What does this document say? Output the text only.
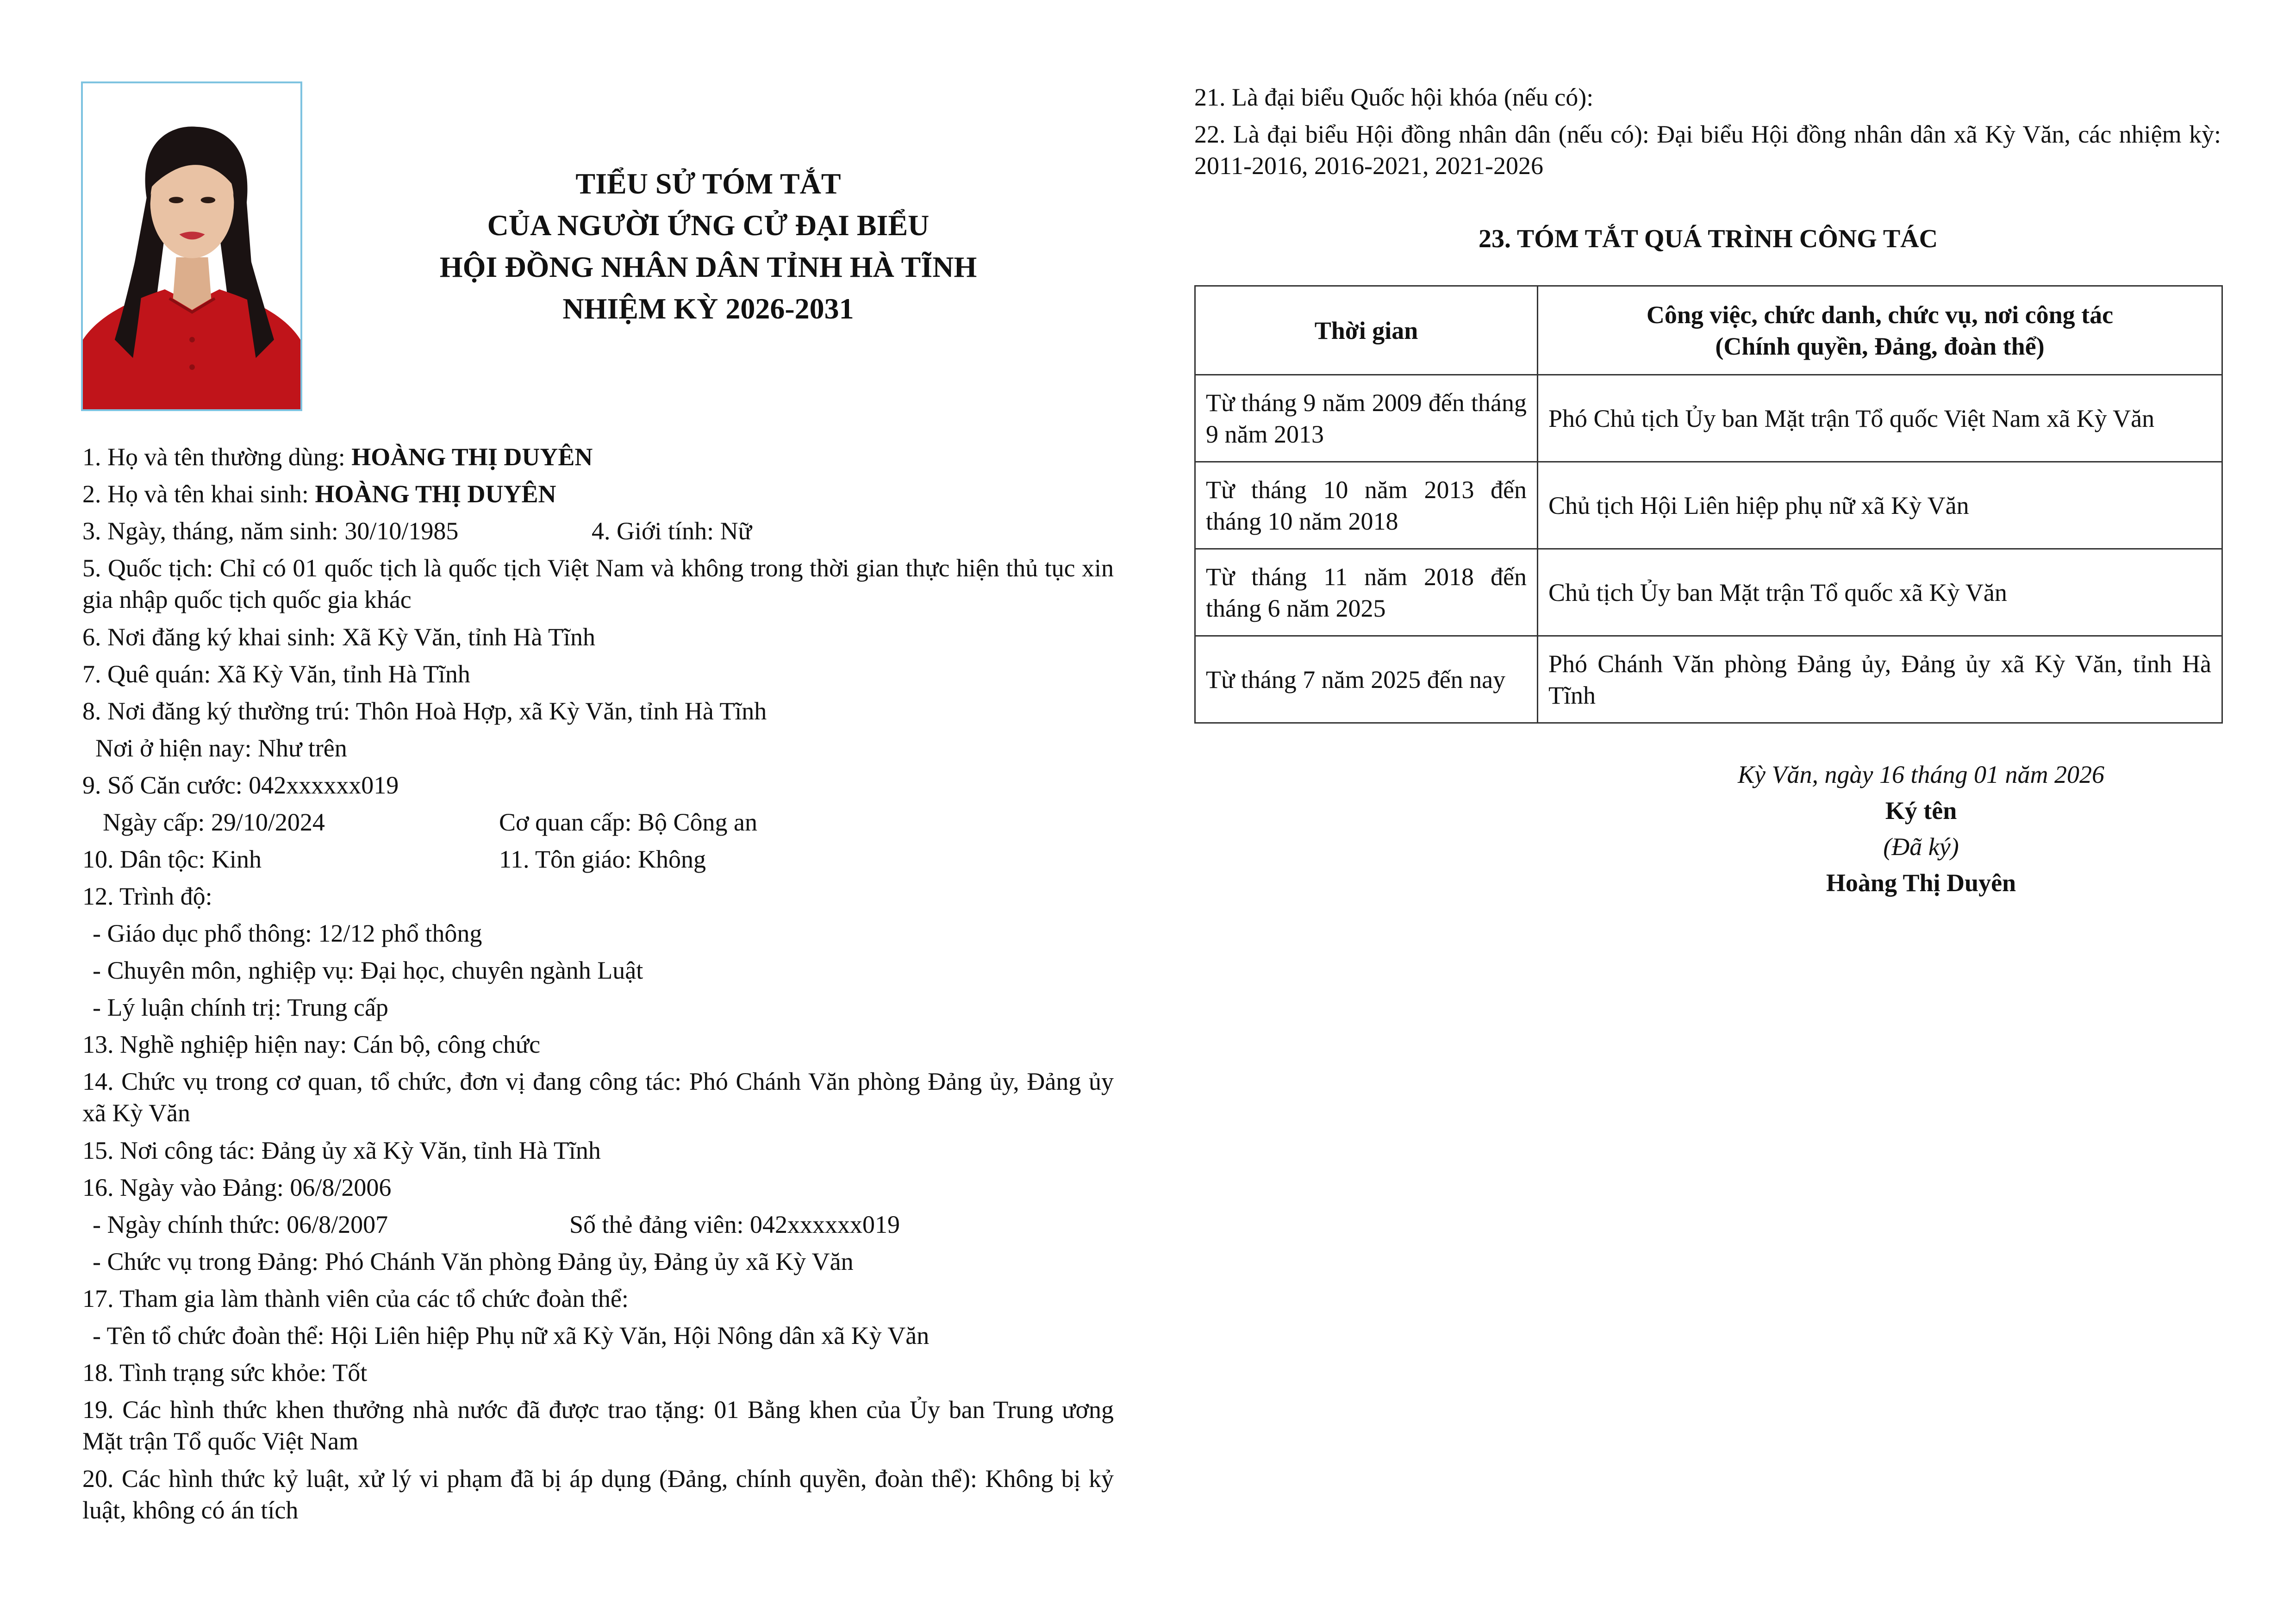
TIỂU SỬ TÓM TẮT
CỦA NGƯỜI ỨNG CỬ ĐẠI BIỂU
HỘI ĐỒNG NHÂN DÂN TỈNH HÀ TĨNH
NHIỆM KỲ 2026-2031
1. Họ và tên thường dùng: HOÀNG THỊ DUYÊN
2. Họ và tên khai sinh: HOÀNG THỊ DUYÊN
3. Ngày, tháng, năm sinh: 30/10/1985	4. Giới tính: Nữ
5. Quốc tịch: Chỉ có 01 quốc tịch là quốc tịch Việt Nam và không trong thời gian thực hiện thủ tục xin gia nhập quốc tịch quốc gia khác
6. Nơi đăng ký khai sinh: Xã Kỳ Văn, tỉnh Hà Tĩnh
7. Quê quán: Xã Kỳ Văn, tỉnh Hà Tĩnh
8. Nơi đăng ký thường trú: Thôn Hoà Hợp, xã Kỳ Văn, tỉnh Hà Tĩnh
Nơi ở hiện nay: Như trên
9. Số Căn cước: 042xxxxxx019
Ngày cấp: 29/10/2024	Cơ quan cấp: Bộ Công an
10. Dân tộc: Kinh	11. Tôn giáo: Không
12. Trình độ:
- Giáo dục phổ thông: 12/12 phổ thông
- Chuyên môn, nghiệp vụ: Đại học, chuyên ngành Luật
- Lý luận chính trị: Trung cấp
13. Nghề nghiệp hiện nay: Cán bộ, công chức
14. Chức vụ trong cơ quan, tổ chức, đơn vị đang công tác: Phó Chánh Văn phòng Đảng ủy, Đảng ủy xã Kỳ Văn
15. Nơi công tác: Đảng ủy xã Kỳ Văn, tỉnh Hà Tĩnh
16. Ngày vào Đảng: 06/8/2006
- Ngày chính thức: 06/8/2007	Số thẻ đảng viên: 042xxxxxx019
- Chức vụ trong Đảng: Phó Chánh Văn phòng Đảng ủy, Đảng ủy xã Kỳ Văn
17. Tham gia làm thành viên của các tổ chức đoàn thể:
- Tên tổ chức đoàn thể: Hội Liên hiệp Phụ nữ xã Kỳ Văn, Hội Nông dân xã Kỳ Văn
18. Tình trạng sức khỏe: Tốt
19. Các hình thức khen thưởng nhà nước đã được trao tặng: 01 Bằng khen của Ủy ban Trung ương Mặt trận Tổ quốc Việt Nam
20. Các hình thức kỷ luật, xử lý vi phạm đã bị áp dụng (Đảng, chính quyền, đoàn thể): Không bị kỷ luật, không có án tích
21. Là đại biểu Quốc hội khóa (nếu có):
22. Là đại biểu Hội đồng nhân dân (nếu có): Đại biểu Hội đồng nhân dân xã Kỳ Văn, các nhiệm kỳ: 2011-2016, 2016-2021, 2021-2026
23. TÓM TẮT QUÁ TRÌNH CÔNG TÁC
Thời gian	Công việc, chức danh, chức vụ, nơi công tác
(Chính quyền, Đảng, đoàn thể)

Từ tháng 9 năm 2009 đến tháng 9 năm 2013	Phó Chủ tịch Ủy ban Mặt trận Tổ quốc Việt Nam xã Kỳ Văn
Từ tháng 10 năm 2013 đến tháng 10 năm 2018	Chủ tịch Hội Liên hiệp phụ nữ xã Kỳ Văn
Từ tháng 11 năm 2018 đến tháng 6 năm 2025	Chủ tịch Ủy ban Mặt trận Tổ quốc xã Kỳ Văn
Từ tháng 7 năm 2025 đến nay	Phó Chánh Văn phòng Đảng ủy, Đảng ủy xã Kỳ Văn, tỉnh Hà Tĩnh
Kỳ Văn, ngày 16 tháng 01 năm 2026
Ký tên
(Đã ký)
Hoàng Thị Duyên
